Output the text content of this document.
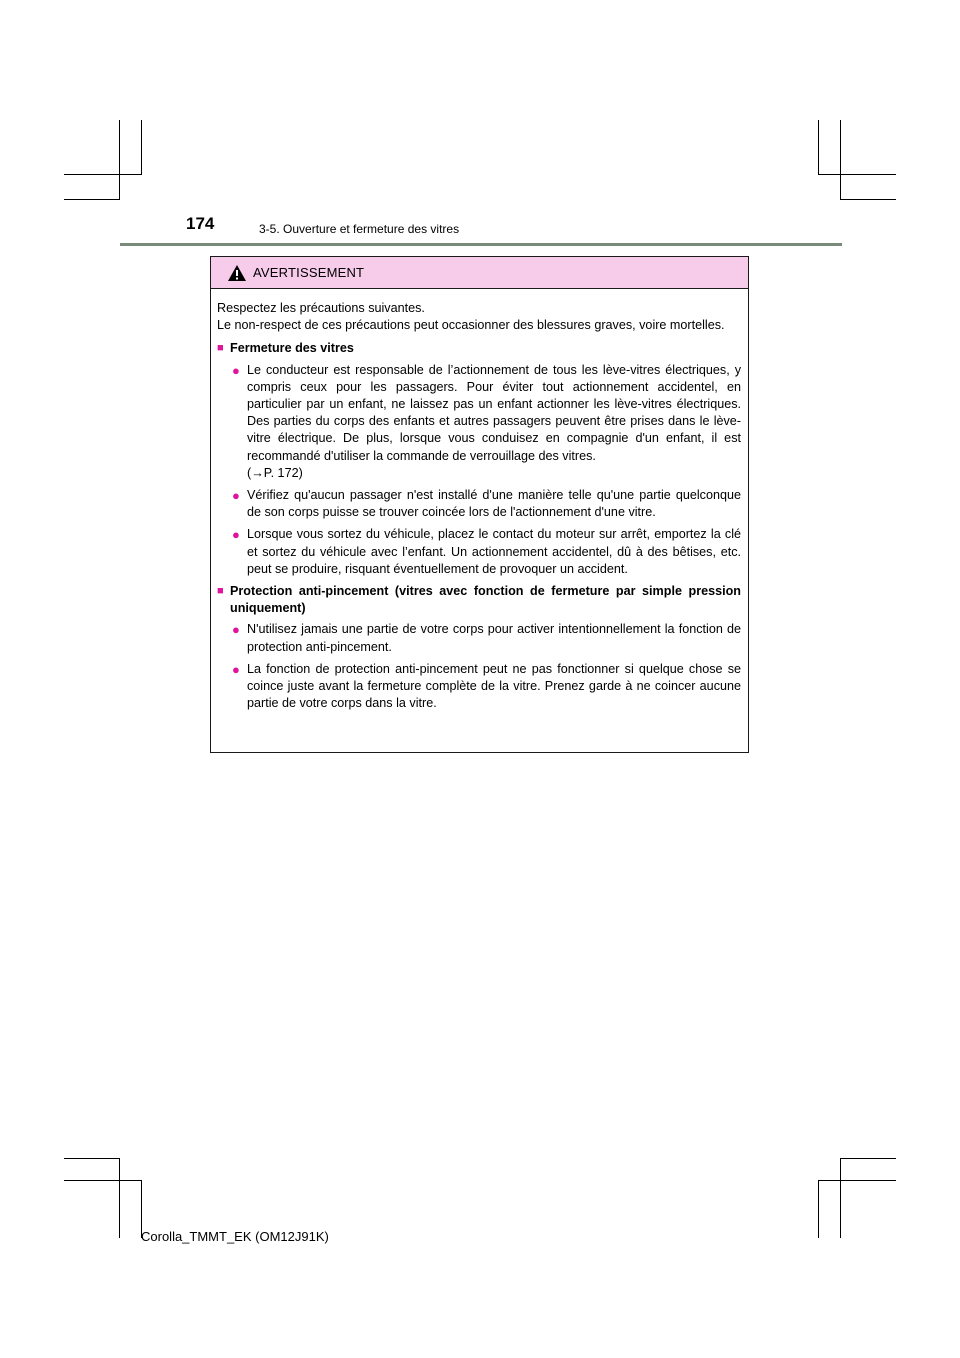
174	3-5. Ouverture et fermeture des vitres
AVERTISSEMENT

Respectez les précautions suivantes.

Le non-respect de ces précautions peut occasionner des blessures graves, voire mortelles.

■ Fermeture des vitres
● Le conducteur est responsable de l’actionnement de tous les lève-vitres électriques, y compris ceux pour les passagers. Pour éviter tout actionnement accidentel, en particulier par un enfant, ne laissez pas un enfant actionner les lève-vitres électriques. Des parties du corps des enfants et autres passagers peuvent être prises dans le lève-vitre électrique. De plus, lorsque vous conduisez en compagnie d'un enfant, il est recommandé d'utiliser la commande de verrouillage des vitres.
(→P. 172)
● Vérifiez qu'aucun passager n'est installé d'une manière telle qu'une partie quelconque de son corps puisse se trouver coincée lors de l'actionnement d'une vitre.
● Lorsque vous sortez du véhicule, placez le contact du moteur sur arrêt, emportez la clé et sortez du véhicule avec l’enfant. Un actionnement accidentel, dû à des bêtises, etc. peut se produire, risquant éventuellement de provoquer un accident.
■ Protection anti-pincement (vitres avec fonction de fermeture par simple pression uniquement)
● N'utilisez jamais une partie de votre corps pour activer intentionnellement la fonction de protection anti-pincement.
● La fonction de protection anti-pincement peut ne pas fonctionner si quelque chose se coince juste avant la fermeture complète de la vitre. Prenez garde à ne coincer aucune partie de votre corps dans la vitre.
Corolla_TMMT_EK (OM12J91K)
